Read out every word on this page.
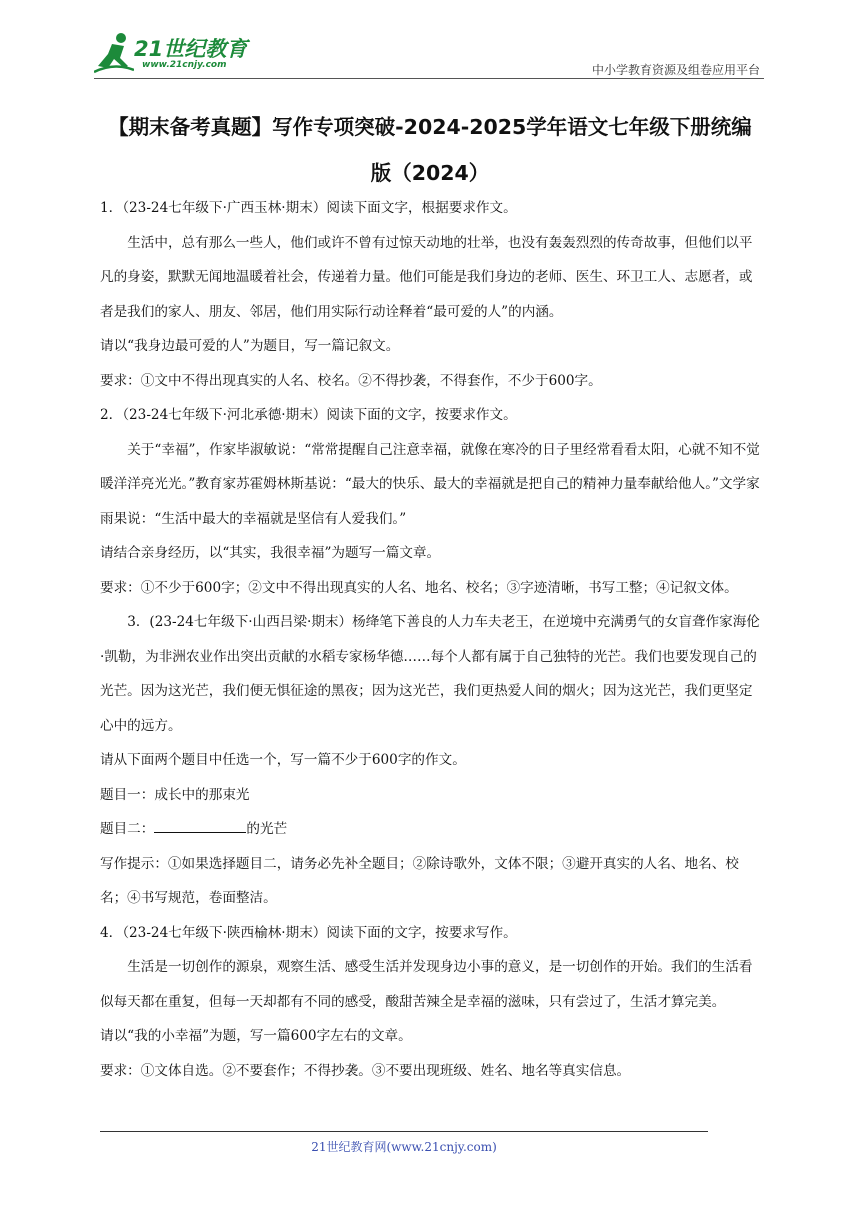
21世纪教育
www.21cnjy.com	中小学教育资源及组卷应用平台
【期末备考真题】写作专项突破-2024-2025学年语文七年级下册统编
版（2024）

1．（23-24七年级下·广西玉林·期末）阅读下面文字，根据要求作文。

生活中，总有那么一些人，他们或许不曾有过惊天动地的壮举，也没有轰轰烈烈的传奇故事，但他们以平凡的身姿，默默无闻地温暖着社会，传递着力量。他们可能是我们身边的老师、医生、环卫工人、志愿者，或者是我们的家人、朋友、邻居，他们用实际行动诠释着“最可爱的人”的内涵。

请以“我身边最可爱的人”为题目，写一篇记叙文。

要求：①文中不得出现真实的人名、校名。②不得抄袭，不得套作，不少于600字。

2．（23-24七年级下·河北承德·期末）阅读下面的文字，按要求作文。

关于“幸福”，作家毕淑敏说：“常常提醒自己注意幸福，就像在寒冷的日子里经常看看太阳，心就不知不觉暖洋洋亮光光。”教育家苏霍姆林斯基说：“最大的快乐、最大的幸福就是把自己的精神力量奉献给他人。”文学家雨果说：“生活中最大的幸福就是坚信有人爱我们。”

请结合亲身经历，以“其实，我很幸福”为题写一篇文章。

要求：①不少于600字；②文中不得出现真实的人名、地名、校名；③字迹清晰，书写工整；④记叙文体。

3．(23-24七年级下·山西吕梁·期末）杨绛笔下善良的人力车夫老王，在逆境中充满勇气的女盲聋作家海伦·凯勒，为非洲农业作出突出贡献的水稻专家杨华德……每个人都有属于自己独特的光芒。我们也要发现自己的光芒。因为这光芒，我们便无惧征途的黑夜；因为这光芒，我们更热爱人间的烟火；因为这光芒，我们更坚定心中的远方。

请从下面两个题目中任选一个，写一篇不少于600字的作文。

题目一：成长中的那束光

题目二：	的光芒

写作提示：①如果选择题目二，请务必先补全题目；②除诗歌外，文体不限；③避开真实的人名、地名、校名；④书写规范，卷面整洁。

4．（23-24七年级下·陕西榆林·期末）阅读下面的文字，按要求写作。

生活是一切创作的源泉，观察生活、感受生活并发现身边小事的意义，是一切创作的开始。我们的生活看似每天都在重复，但每一天却都有不同的感受，酸甜苦辣全是幸福的滋味，只有尝过了，生活才算完美。

请以“我的小幸福”为题，写一篇600字左右的文章。

要求：①文体自选。②不要套作；不得抄袭。③不要出现班级、姓名、地名等真实信息。

21世纪教育网(www.21cnjy.com)
